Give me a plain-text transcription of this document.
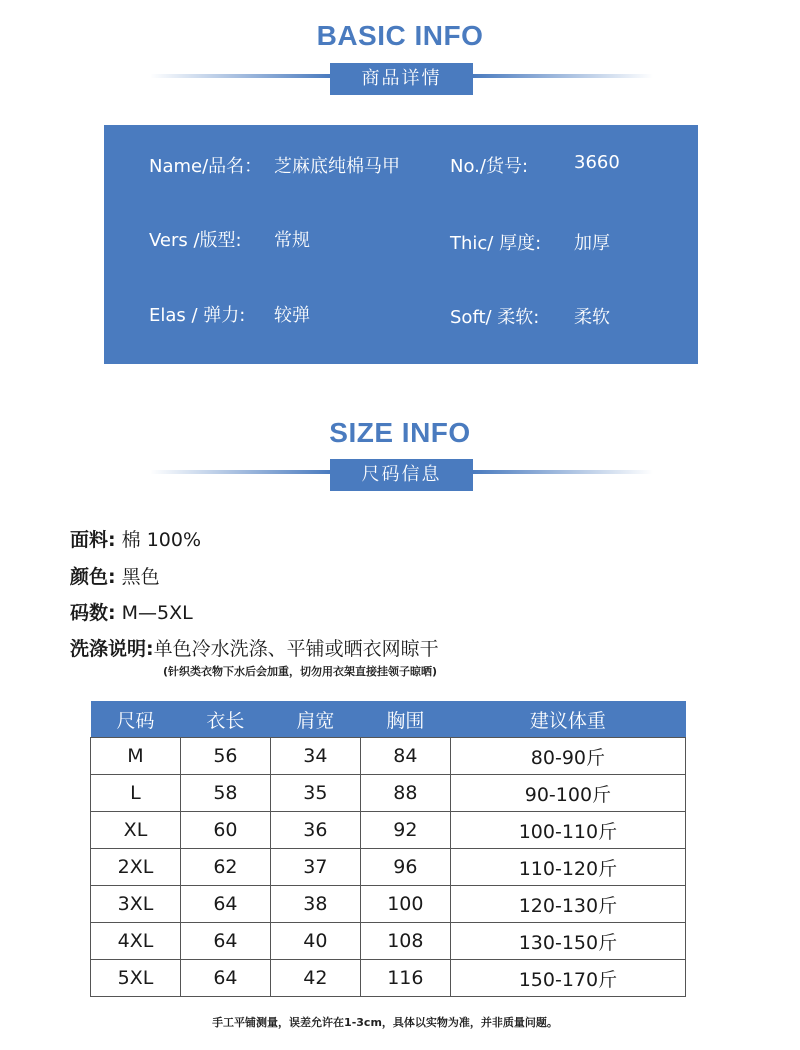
BASIC INFO
商品详情
Name/品名： 芝麻底纯棉马甲	No./货号:	3660
Vers /版型: 常规	Thic/ 厚度: 加厚
Elas / 弹力: 较弹	Soft/ 柔软: 柔软
SIZE INFO
尺码信息
面料: 棉 100%
颜色: 黑色
码数: M—5XL
洗涤说明:单色冷水洗涤、平铺或晒衣网晾干
(针织类衣物下水后会加重，切勿用衣架直接挂领子晾晒)
尺码	衣长	肩宽	胸围	建议体重
M	56	34	84	80-90斤
L	58	35	88	90-100斤
XL	60	36	92	100-110斤
2XL	62	37	96	110-120斤
3XL	64	38	100	120-130斤
4XL	64	40	108	130-150斤
5XL	64	42	116	150-170斤
手工平铺测量，误差允许在1-3cm，具体以实物为准，并非质量问题。
